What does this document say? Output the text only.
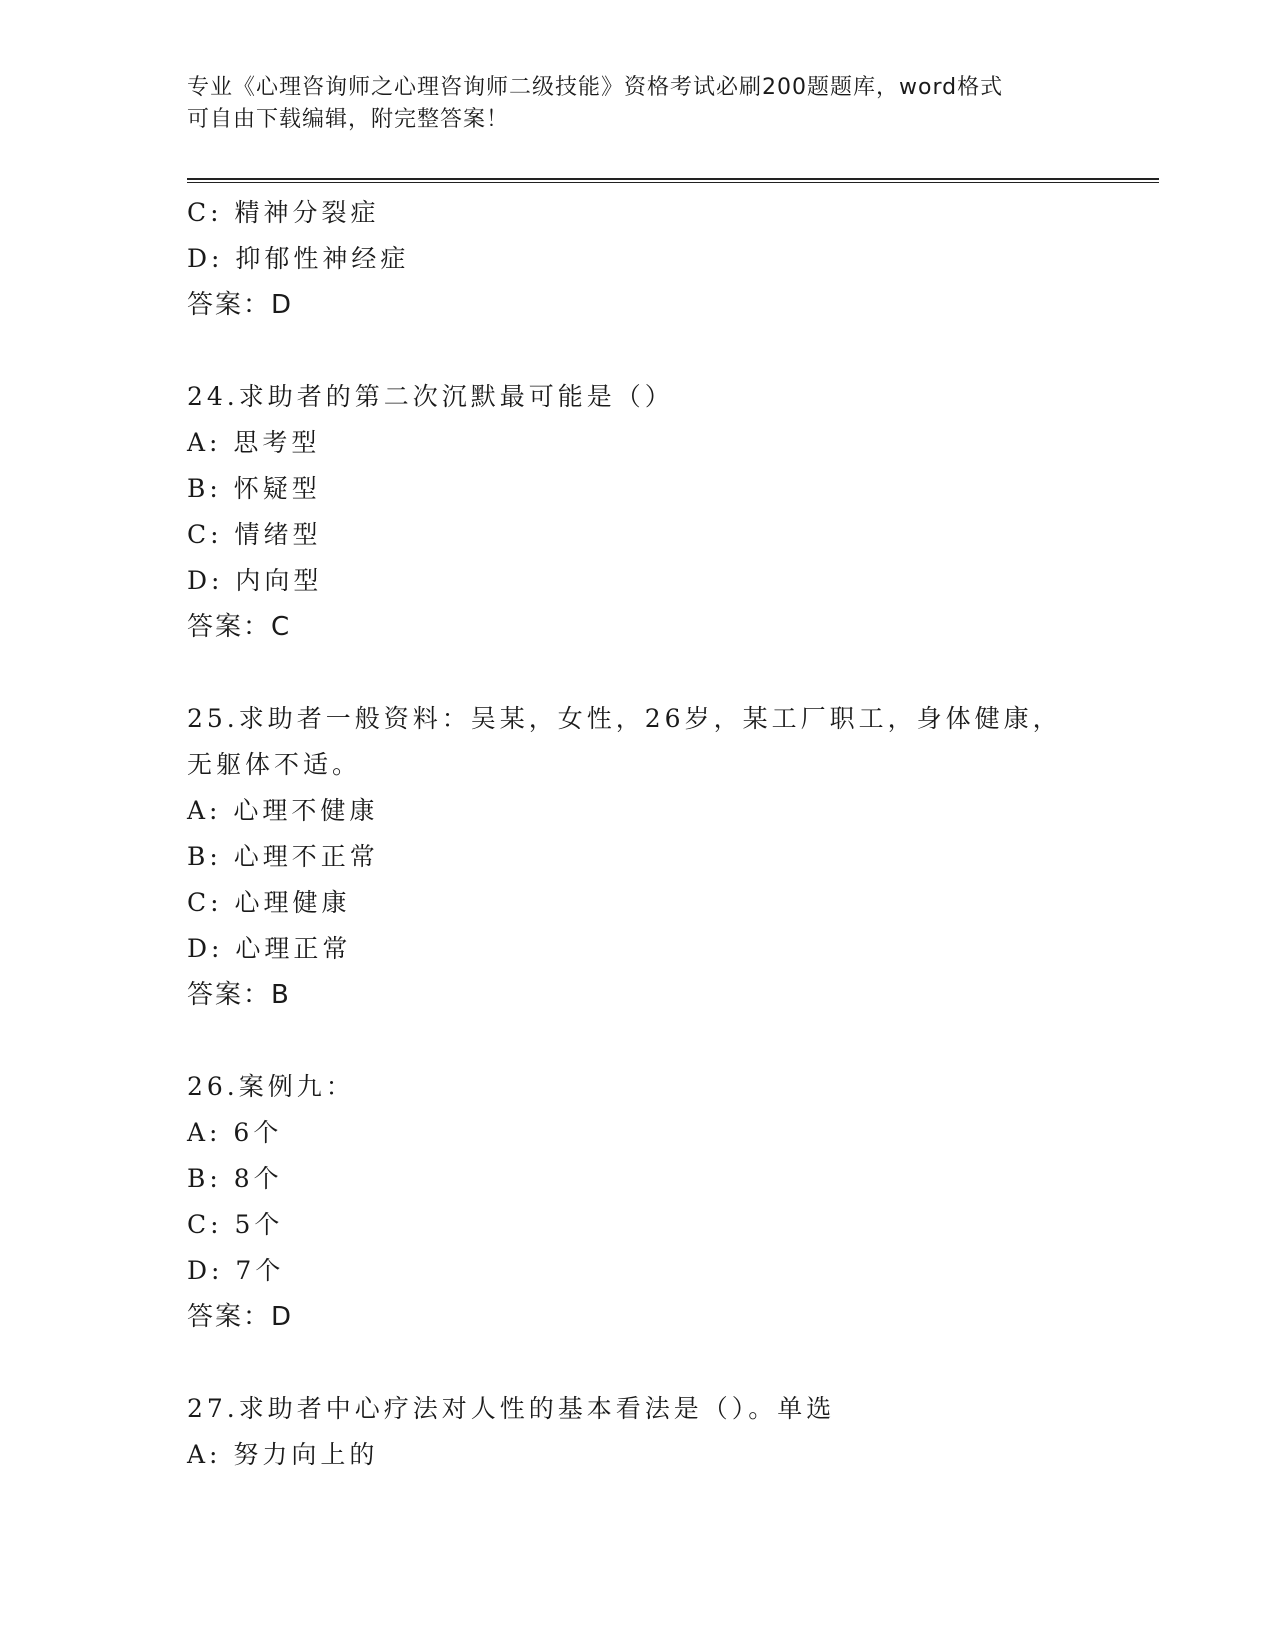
专业《心理咨询师之心理咨询师二级技能》资格考试必刷200题题库，word格式
可自由下载编辑，附完整答案！
C: 精神分裂症
D: 抑郁性神经症
答案：D
24.求助者的第二次沉默最可能是（）
A: 思考型
B: 怀疑型
C: 情绪型
D: 内向型
答案：C
25.求助者一般资料：吴某，女性，26岁，某工厂职工，身体健康，无躯体不适。
A: 心理不健康
B: 心理不正常
C: 心理健康
D: 心理正常
答案：B
26.案例九：
A: 6个
B: 8个
C: 5个
D: 7个
答案：D
27.求助者中心疗法对人性的基本看法是（）。单选
A: 努力向上的
